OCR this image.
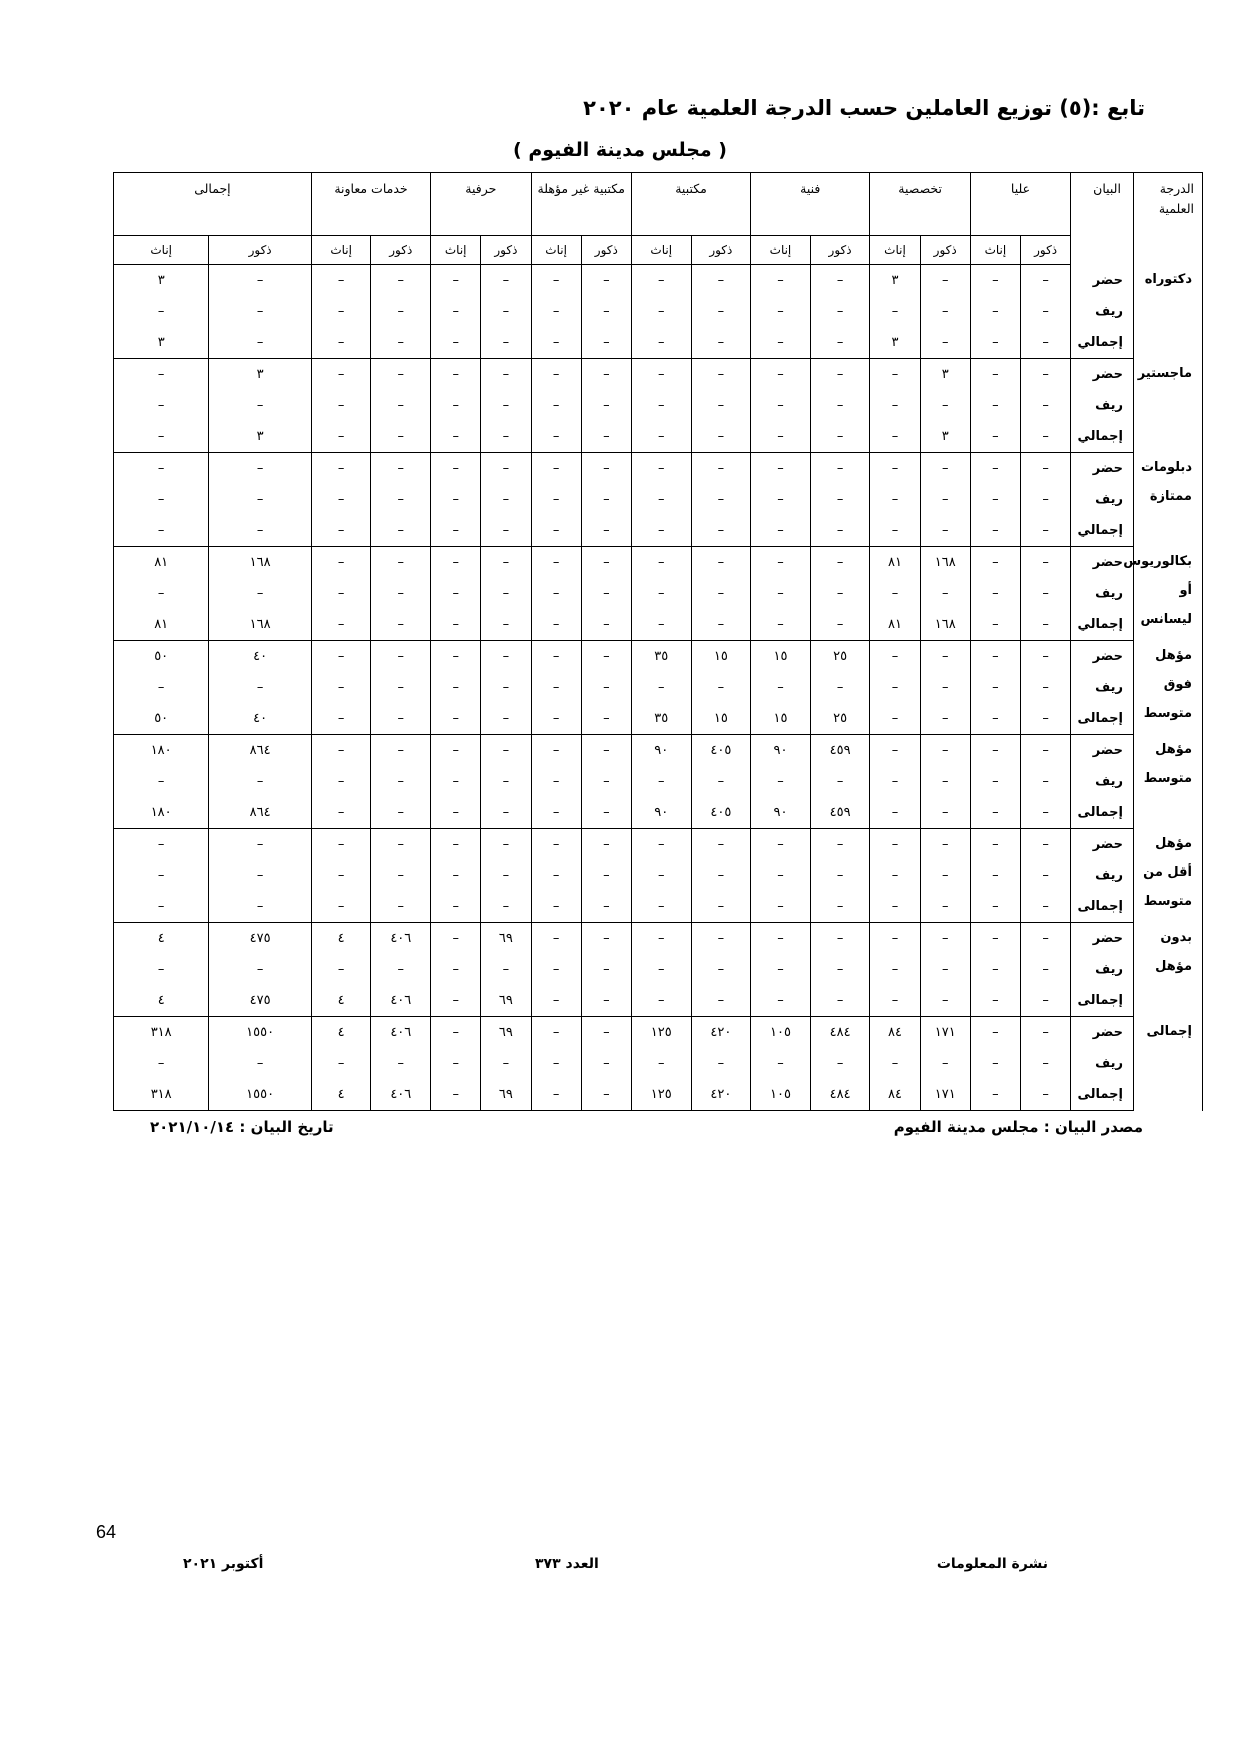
تابع :(٥) توزيع العاملين حسب الدرجة العلمية عام ٢٠٢٠
( مجلس مدينة الفيوم )
الدرجة العلمية	البيان	عليا		تخصصية		فنية		مكتبية		مكتبية غير مؤهلة		حرفية		خدمات معاونة		إجمالى	
		ذكور	إناث	ذكور	إناث	ذكور	إناث	ذكور	إناث	ذكور	إناث	ذكور	إناث	ذكور	إناث	ذكور	إناث
دكتوراه	حضر	–	–	–	٣	–	–	–	–	–	–	–	–	–	–	–	٣
	ريف	–	–	–	–	–	–	–	–	–	–	–	–	–	–	–	–
	إجمالي	–	–	–	٣	–	–	–	–	–	–	–	–	–	–	–	٣
ماجستير	حضر	–	–	٣	–	–	–	–	–	–	–	–	–	–	–	٣	–
	ريف	–	–	–	–	–	–	–	–	–	–	–	–	–	–	–	–
	إجمالي	–	–	٣	–	–	–	–	–	–	–	–	–	–	–	٣	–
دبلومات ممتازة	حضر	–	–	–	–	–	–	–	–	–	–	–	–	–	–	–	–
	ريف	–	–	–	–	–	–	–	–	–	–	–	–	–	–	–	–
	إجمالي	–	–	–	–	–	–	–	–	–	–	–	–	–	–	–	–
بكالوريوس أو ليسانس	حضر	–	–	١٦٨	٨١	–	–	–	–	–	–	–	–	–	–	١٦٨	٨١
	ريف	–	–	–	–	–	–	–	–	–	–	–	–	–	–	–	–
	إجمالي	–	–	١٦٨	٨١	–	–	–	–	–	–	–	–	–	–	١٦٨	٨١
مؤهل فوق متوسط	حضر	–	–	–	–	٢٥	١٥	١٥	٣٥	–	–	–	–	–	–	٤٠	٥٠
	ريف	–	–	–	–	–	–	–	–	–	–	–	–	–	–	–	–
	إجمالى	–	–	–	–	٢٥	١٥	١٥	٣٥	–	–	–	–	–	–	٤٠	٥٠
مؤهل متوسط	حضر	–	–	–	–	٤٥٩	٩٠	٤٠٥	٩٠	–	–	–	–	–	–	٨٦٤	١٨٠
	ريف	–	–	–	–	–	–	–	–	–	–	–	–	–	–	–	–
	إجمالى	–	–	–	–	٤٥٩	٩٠	٤٠٥	٩٠	–	–	–	–	–	–	٨٦٤	١٨٠
مؤهل أقل من متوسط	حضر	–	–	–	–	–	–	–	–	–	–	–	–	–	–	–	–
	ريف	–	–	–	–	–	–	–	–	–	–	–	–	–	–	–	–
	إجمالى	–	–	–	–	–	–	–	–	–	–	–	–	–	–	–	–
بدون مؤهل	حضر	–	–	–	–	–	–	–	–	–	–	٦٩	–	٤٠٦	٤	٤٧٥	٤
	ريف	–	–	–	–	–	–	–	–	–	–	–	–	–	–	–	–
	إجمالى	–	–	–	–	–	–	–	–	–	–	٦٩	–	٤٠٦	٤	٤٧٥	٤
إجمالى	حضر	–	–	١٧١	٨٤	٤٨٤	١٠٥	٤٢٠	١٢٥	–	–	٦٩	–	٤٠٦	٤	١٥٥٠	٣١٨
	ريف	–	–	–	–	–	–	–	–	–	–	–	–	–	–	–	–
	إجمالى	–	–	١٧١	٨٤	٤٨٤	١٠٥	٤٢٠	١٢٥	–	–	٦٩	–	٤٠٦	٤	١٥٥٠	٣١٨
مصدر البيان : مجلس مدينة الفيوم
تاريخ البيان : ٢٠٢١/١٠/١٤
64
نشرة المعلومات
العدد ٣٧٣
أكتوبر ٢٠٢١
